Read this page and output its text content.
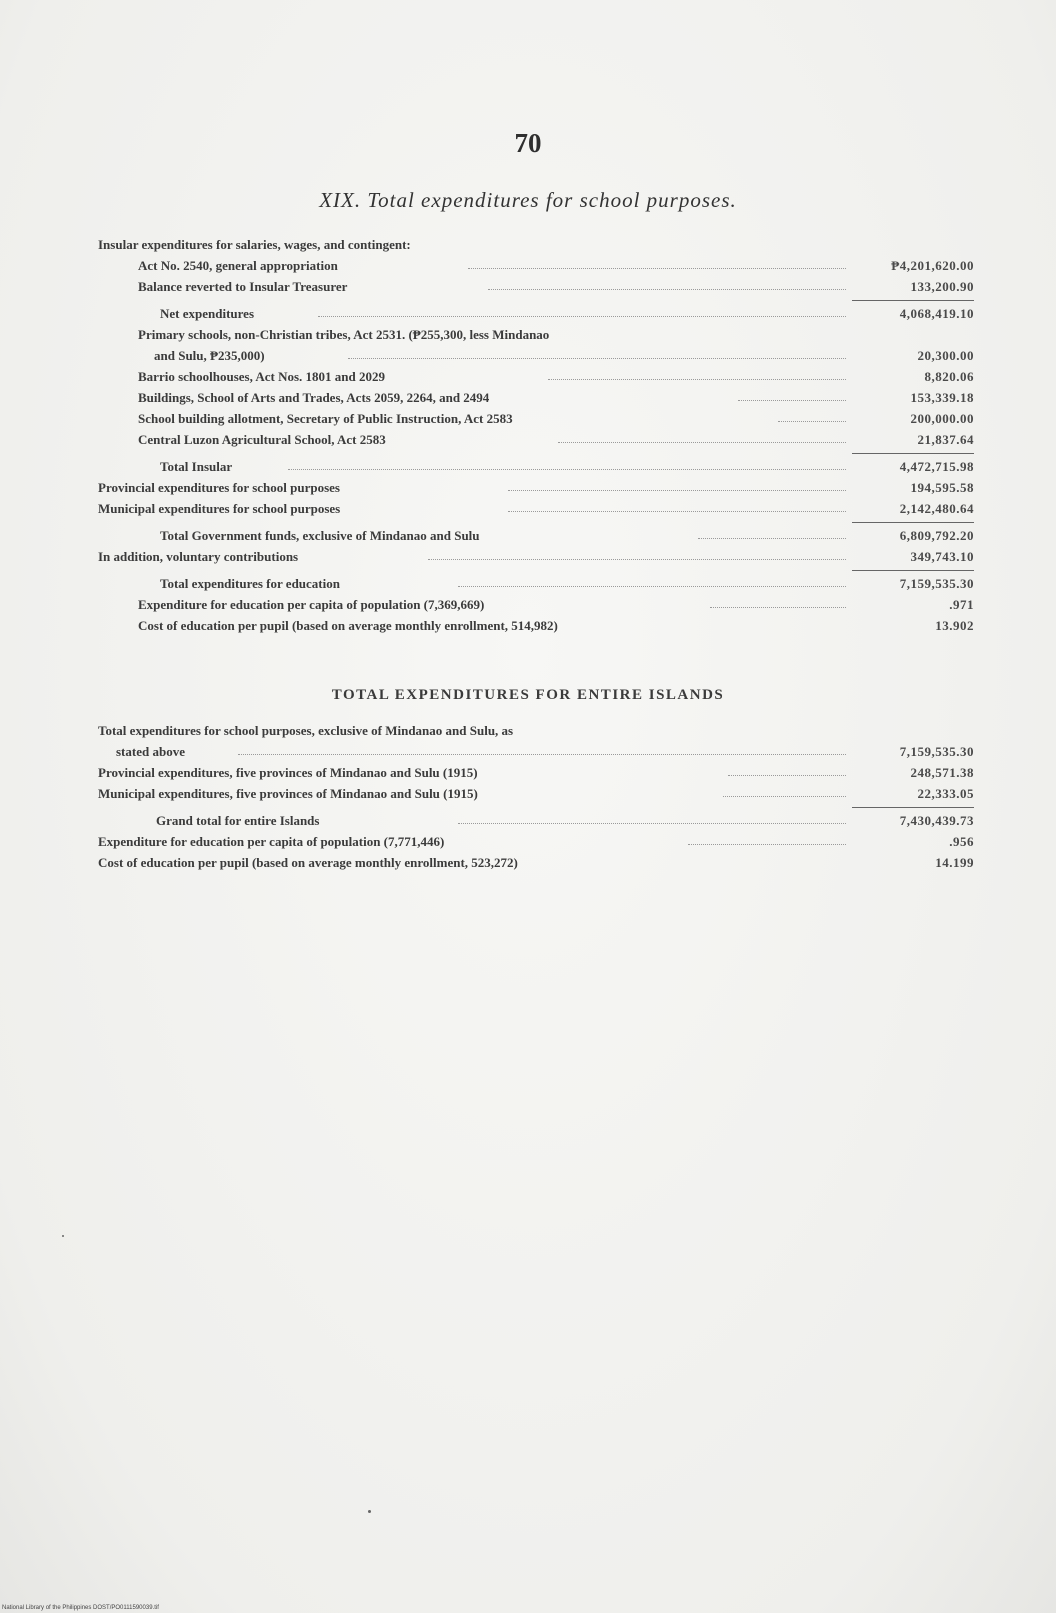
70
XIX. Total expenditures for school purposes.
Insular expenditures for salaries, wages, and contingent:
Act No. 2540, general appropriation	₱4,201,620.00
Balance reverted to Insular Treasurer	133,200.90
Net expenditures	4,068,419.10
Primary schools, non-Christian tribes, Act 2531. (₱255,300, less Mindanao
and Sulu, ₱235,000)	20,300.00
Barrio schoolhouses, Act Nos. 1801 and 2029	8,820.06
Buildings, School of Arts and Trades, Acts 2059, 2264, and 2494	153,339.18
School building allotment, Secretary of Public Instruction, Act 2583	200,000.00
Central Luzon Agricultural School, Act 2583	21,837.64
Total Insular	4,472,715.98
Provincial expenditures for school purposes	194,595.58
Municipal expenditures for school purposes	2,142,480.64
Total Government funds, exclusive of Mindanao and Sulu	6,809,792.20
In addition, voluntary contributions	349,743.10
Total expenditures for education	7,159,535.30
Expenditure for education per capita of population (7,369,669)	.971
Cost of education per pupil (based on average monthly enrollment, 514,982)	13.902
TOTAL EXPENDITURES FOR ENTIRE ISLANDS
Total expenditures for school purposes, exclusive of Mindanao and Sulu, as
stated above	7,159,535.30
Provincial expenditures, five provinces of Mindanao and Sulu (1915)	248,571.38
Municipal expenditures, five provinces of Mindanao and Sulu (1915)	22,333.05
Grand total for entire Islands	7,430,439.73
Expenditure for education per capita of population (7,771,446)	.956
Cost of education per pupil (based on average monthly enrollment, 523,272)	14.199
National Library of the Philippines DOST/PO0111590039.tif
